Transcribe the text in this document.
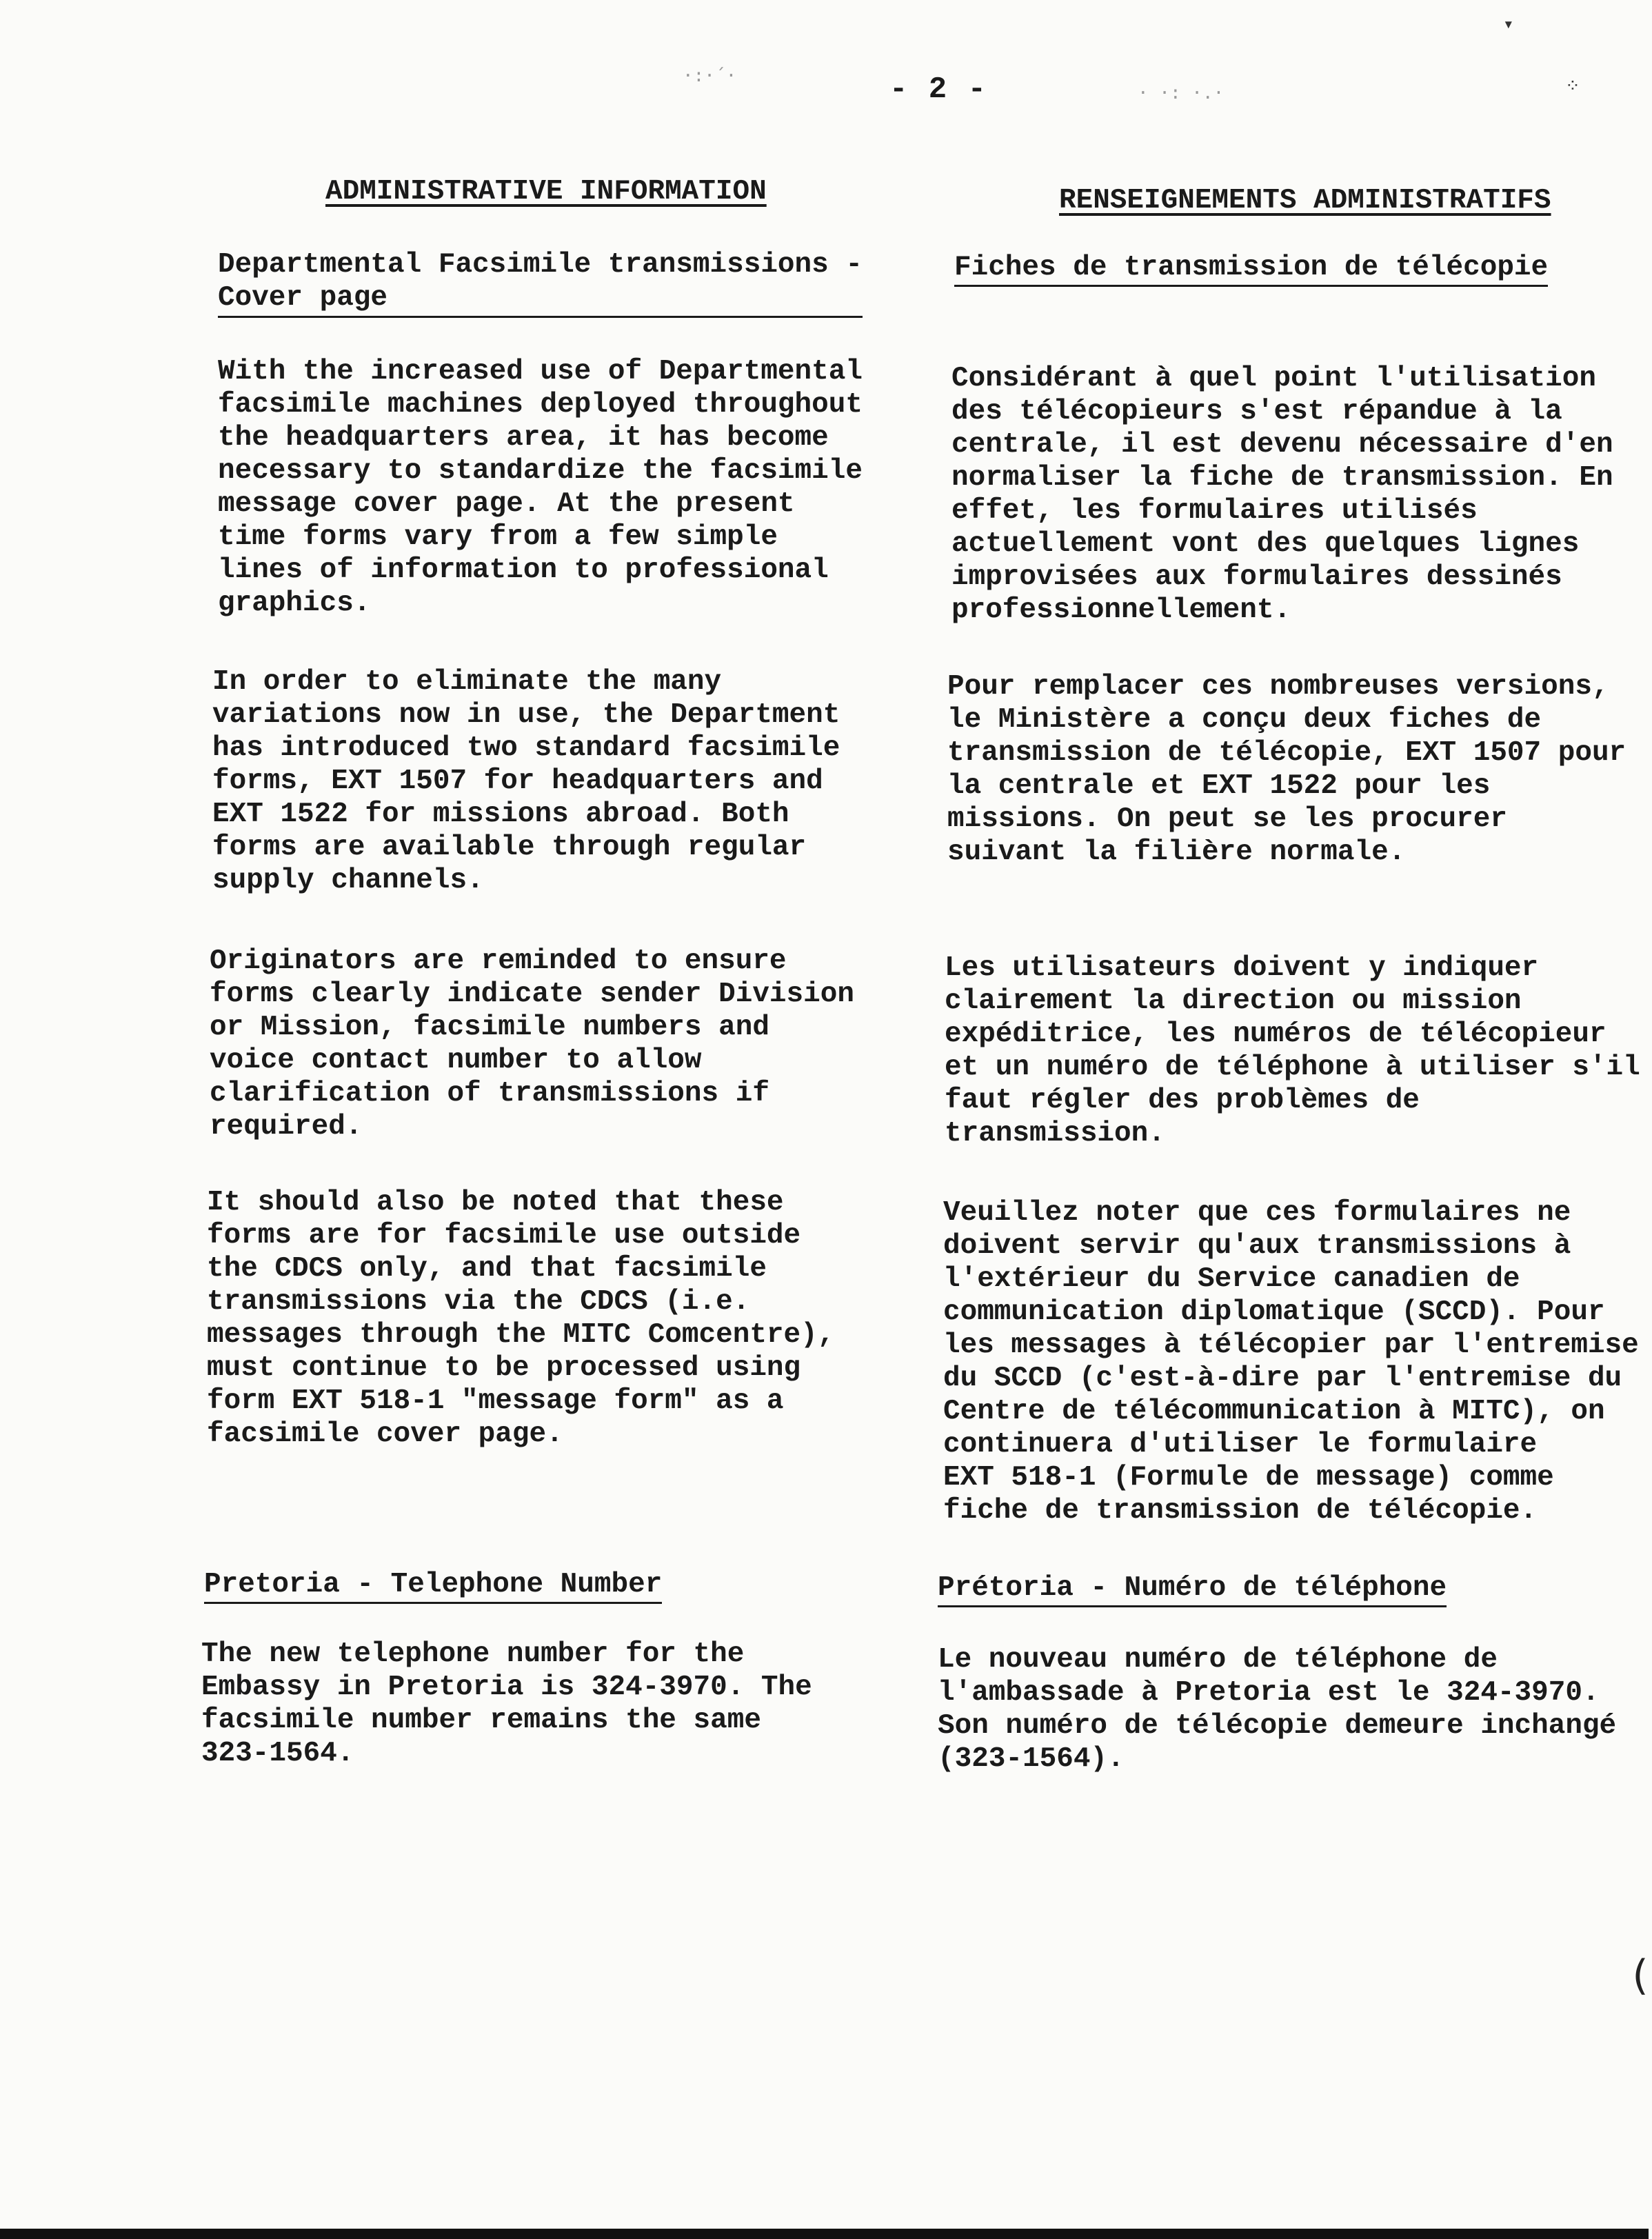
- 2 -
ADMINISTRATIVE INFORMATION

Departmental Facsimile transmissions -
Cover page

With the increased use of Departmental
facsimile machines deployed throughout
the headquarters area, it has become
necessary to standardize the facsimile
message cover page. At the present
time forms vary from a few simple
lines of information to professional
graphics.

In order to eliminate the many
variations now in use, the Department
has introduced two standard facsimile
forms, EXT 1507 for headquarters and
EXT 1522 for missions abroad. Both
forms are available through regular
supply channels.

Originators are reminded to ensure
forms clearly indicate sender Division
or Mission, facsimile numbers and
voice contact number to allow
clarification of transmissions if
required.

It should also be noted that these
forms are for facsimile use outside
the CDCS only, and that facsimile
transmissions via the CDCS (i.e.
messages through the MITC Comcentre),
must continue to be processed using
form EXT 518-1 "message form" as a
facsimile cover page.

Pretoria - Telephone Number

The new telephone number for the
Embassy in Pretoria is 324-3970. The
facsimile number remains the same
323-1564.

RENSEIGNEMENTS ADMINISTRATIFS

Fiches de transmission de télécopie

Considérant à quel point l'utilisation
des télécopieurs s'est répandue à la
centrale, il est devenu nécessaire d'en
normaliser la fiche de transmission. En
effet, les formulaires utilisés
actuellement vont des quelques lignes
improvisées aux formulaires dessinés
professionnellement.

Pour remplacer ces nombreuses versions,
le Ministère a conçu deux fiches de
transmission de télécopie, EXT 1507 pour
la centrale et EXT 1522 pour les
missions. On peut se les procurer
suivant la filière normale.

Les utilisateurs doivent y indiquer
clairement la direction ou mission
expéditrice, les numéros de télécopieur
et un numéro de téléphone à utiliser s'il
faut régler des problèmes de
transmission.

Veuillez noter que ces formulaires ne
doivent servir qu'aux transmissions à
l'extérieur du Service canadien de
communication diplomatique (SCCD). Pour
les messages à télécopier par l'entremise
du SCCD (c'est-à-dire par l'entremise du
Centre de télécommunication à MITC), on
continuera d'utiliser le formulaire
EXT 518-1 (Formule de message) comme
fiche de transmission de télécopie.

Prétoria - Numéro de téléphone

Le nouveau numéro de téléphone de
l'ambassade à Pretoria est le 324-3970.
Son numéro de télécopie demeure inchangé
(323-1564).

·:·´·
· ·: ·.·	⁘
▾
(
